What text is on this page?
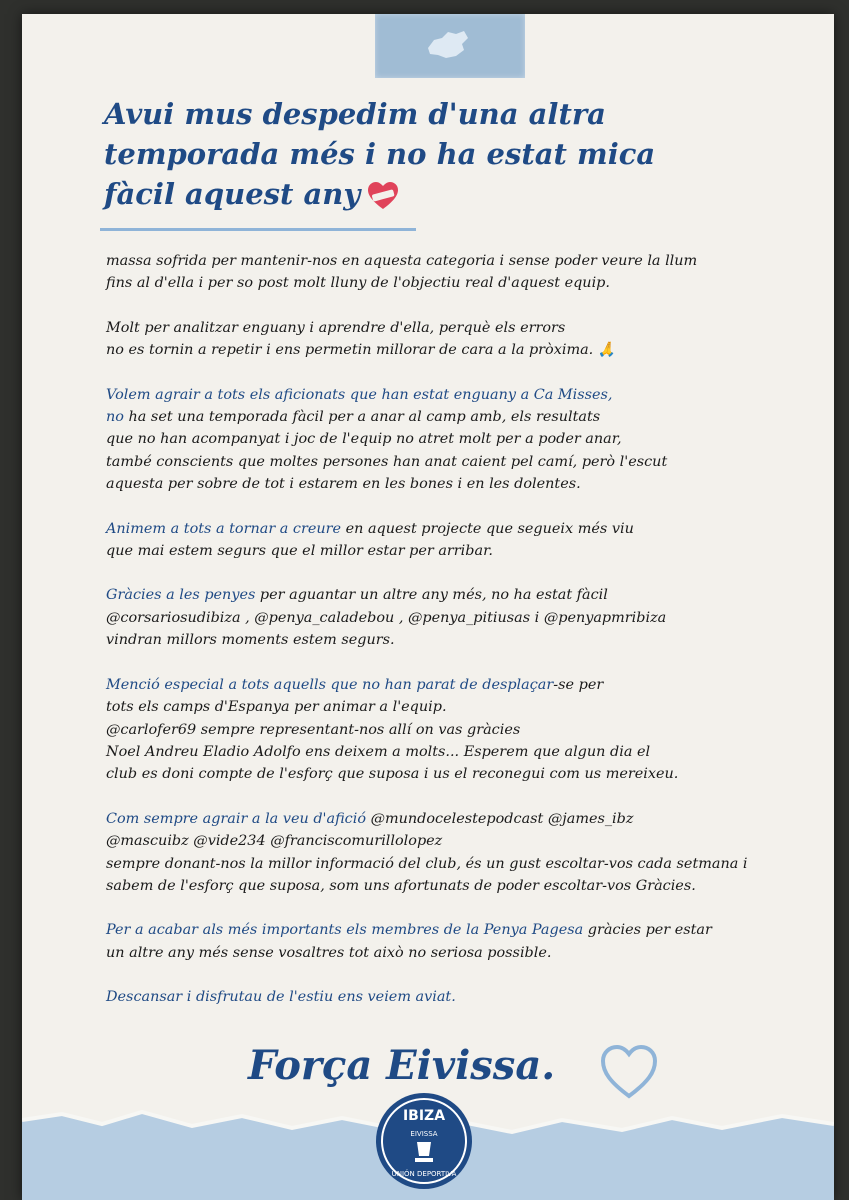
Avui mus despedim d'una altra
temporada més i no ha estat mica
fàcil aquest any

massa sofrida per mantenir-nos en aquesta categoria i sense poder veure la llum
fins al d'ella i per so post molt lluny de l'objectiu real d'aquest equip.

Molt per analitzar enguany i aprendre d'ella, perquè els errors
no es tornin a repetir i ens permetin millorar de cara a la pròxima. 🙏

Volem agrair a tots els aficionats que han estat enguany a Ca Misses,
no ha set una temporada fàcil per a anar al camp amb, els resultats
que no han acompanyat i joc de l'equip no atret molt per a poder anar,
també conscients que moltes persones han anat caient pel camí, però l'escut
aquesta per sobre de tot i estarem en les bones i en les dolentes.

Animem a tots a tornar a creure en aquest projecte que segueix més viu
que mai estem segurs que el millor estar per arribar.

Gràcies a les penyes per aguantar un altre any més, no ha estat fàcil
@corsariosudibiza , @penya_caladebou , @penya_pitiusas i @penyapmribiza
vindran millors moments estem segurs.

Menció especial a tots aquells que no han parat de desplaçar-se per
tots els camps d'Espanya per animar a l'equip.
@carlofer69 sempre representant-nos allí on vas gràcies
Noel Andreu Eladio Adolfo ens deixem a molts... Esperem que algun dia el
club es doni compte de l'esforç que suposa i us el reconegui com us mereixeu.

Com sempre agrair a la veu d'afició @mundocelestepodcast @james_ibz
@mascuibz @vide234 @franciscomurillolopez
sempre donant-nos la millor informació del club, és un gust escoltar-vos cada setmana i
sabem de l'esforç que suposa, som uns afortunats de poder escoltar-vos Gràcies.

Per a acabar als més importants els membres de la Penya Pagesa gràcies per estar
un altre any més sense vosaltres tot això no seriosa possible.

Descansar i disfrutau de l'estiu ens veiem aviat.

Força Eivissa.
IBIZA
EIVISSA
UNIÓN DEPORTIVA
